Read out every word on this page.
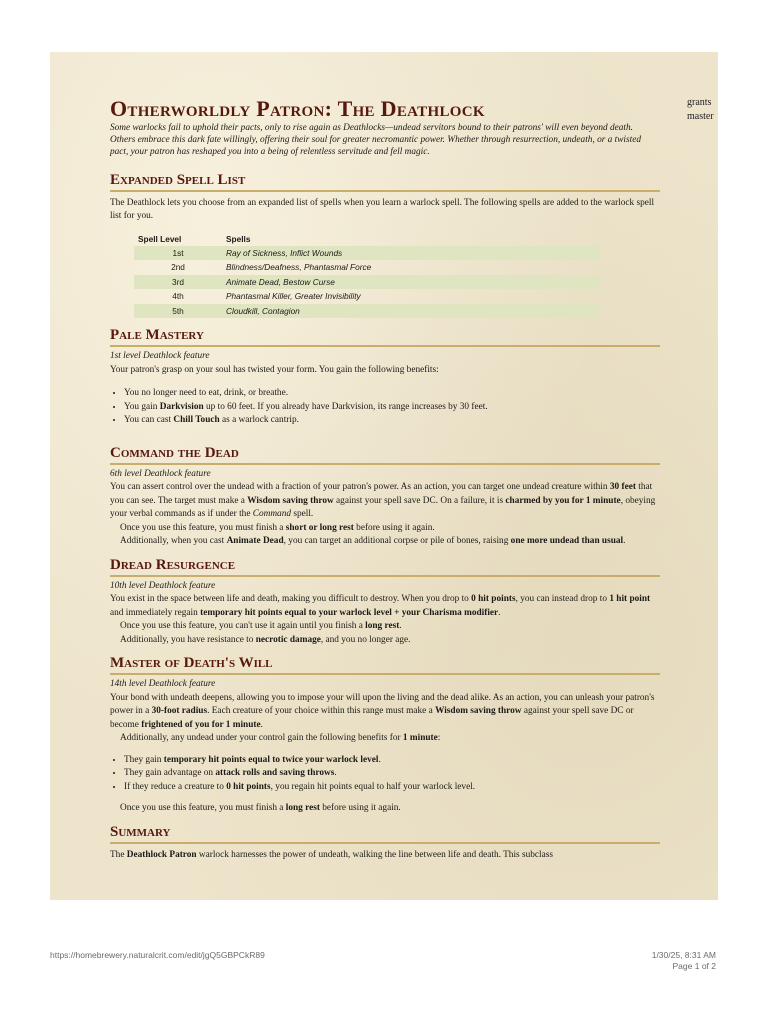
Otherworldly Patron: The Deathlock

Some warlocks fail to uphold their pacts, only to rise again as Deathlocks—undead servitors bound to their patrons' will even beyond death. Others embrace this dark fate willingly, offering their soul for greater necromantic power. Whether through resurrection, undeath, or a twisted pact, your patron has reshaped you into a being of relentless servitude and fell magic.

Expanded Spell List

The Deathlock lets you choose from an expanded list of spells when you learn a warlock spell. The following spells are added to the warlock spell list for you.

Spell Level	Spells
1st	Ray of Sickness, Inflict Wounds
2nd	Blindness/Deafness, Phantasmal Force
3rd	Animate Dead, Bestow Curse
4th	Phantasmal Killer, Greater Invisibility
5th	Cloudkill, Contagion
Pale Mastery

1st level Deathlock feature

Your patron's grasp on your soul has twisted your form. You gain the following benefits:

• You no longer need to eat, drink, or breathe.
• You gain Darkvision up to 60 feet. If you already have Darkvision, its range increases by 30 feet.
• You can cast Chill Touch as a warlock cantrip.
Command the Dead

6th level Deathlock feature

You can assert control over the undead with a fraction of your patron's power. As an action, you can target one undead creature within 30 feet that you can see. The target must make a Wisdom saving throw against your spell save DC. On a failure, it is charmed by you for 1 minute, obeying your verbal commands as if under the Command spell.

Once you use this feature, you must finish a short or long rest before using it again.

Additionally, when you cast Animate Dead, you can target an additional corpse or pile of bones, raising one more undead than usual.

Dread Resurgence

10th level Deathlock feature

You exist in the space between life and death, making you difficult to destroy. When you drop to 0 hit points, you can instead drop to 1 hit point and immediately regain temporary hit points equal to your warlock level + your Charisma modifier.

Once you use this feature, you can't use it again until you finish a long rest.

Additionally, you have resistance to necrotic damage, and you no longer age.

Master of Death's Will

14th level Deathlock feature

Your bond with undeath deepens, allowing you to impose your will upon the living and the dead alike. As an action, you can unleash your patron's power in a 30-foot radius. Each creature of your choice within this range must make a Wisdom saving throw against your spell save DC or become frightened of you for 1 minute.

Additionally, any undead under your control gain the following benefits for 1 minute:

• They gain temporary hit points equal to twice your warlock level.
• They gain advantage on attack rolls and saving throws.
• If they reduce a creature to 0 hit points, you regain hit points equal to half your warlock level.

Once you use this feature, you must finish a long rest before using it again.

Summary

The Deathlock Patron warlock harnesses the power of undeath, walking the line between life and death. This subclass

grants
master
https://homebrewery.naturalcrit.com/edit/jgQ5GBPCkR89	1/30/25, 8:31 AM
Page 1 of 2
